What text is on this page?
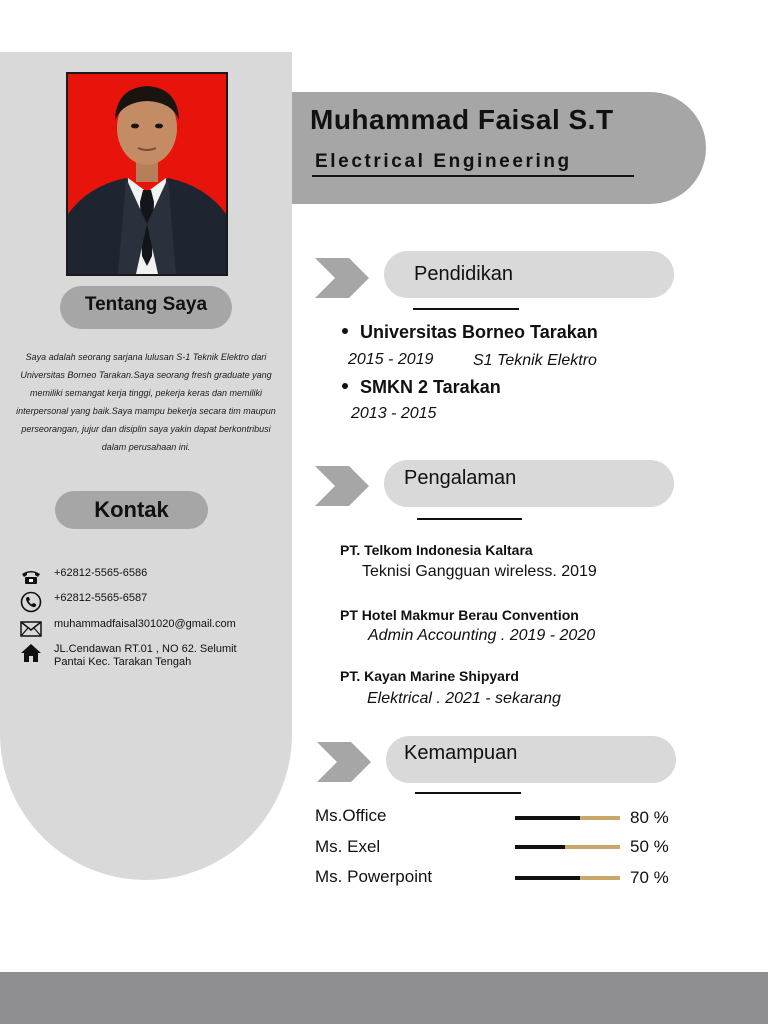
Tentang Saya
Saya adalah seorang sarjana lulusan S-1 Teknik Elektro dari Universitas Borneo Tarakan.Saya seorang fresh graduate yang memiliki semangat kerja tinggi, pekerja keras dan memiliki interpersonal yang baik.Saya mampu bekerja secara tim maupun perseorangan, jujur dan disiplin saya yakin dapat berkontribusi dalam perusahaan ini.
Kontak
+62812-5565-6586
+62812-5565-6587
muhammadfaisal301020@gmail.com
JL.Cendawan RT.01 , NO 62. Selumit Pantai Kec. Tarakan Tengah
Muhammad Faisal S.T
Electrical Engineering
Pendidikan
Universitas Borneo Tarakan
2015 - 2019 S1 Teknik Elektro
SMKN 2 Tarakan
2013 - 2015
Pengalaman
PT. Telkom Indonesia Kaltara
Teknisi Gangguan wireless. 2019
PT Hotel Makmur Berau Convention
Admin Accounting . 2019 - 2020
PT. Kayan Marine Shipyard
Elektrical . 2021 - sekarang
Kemampuan
Ms.Office	80 %
Ms. Exel	50 %
Ms. Powerpoint	70 %
